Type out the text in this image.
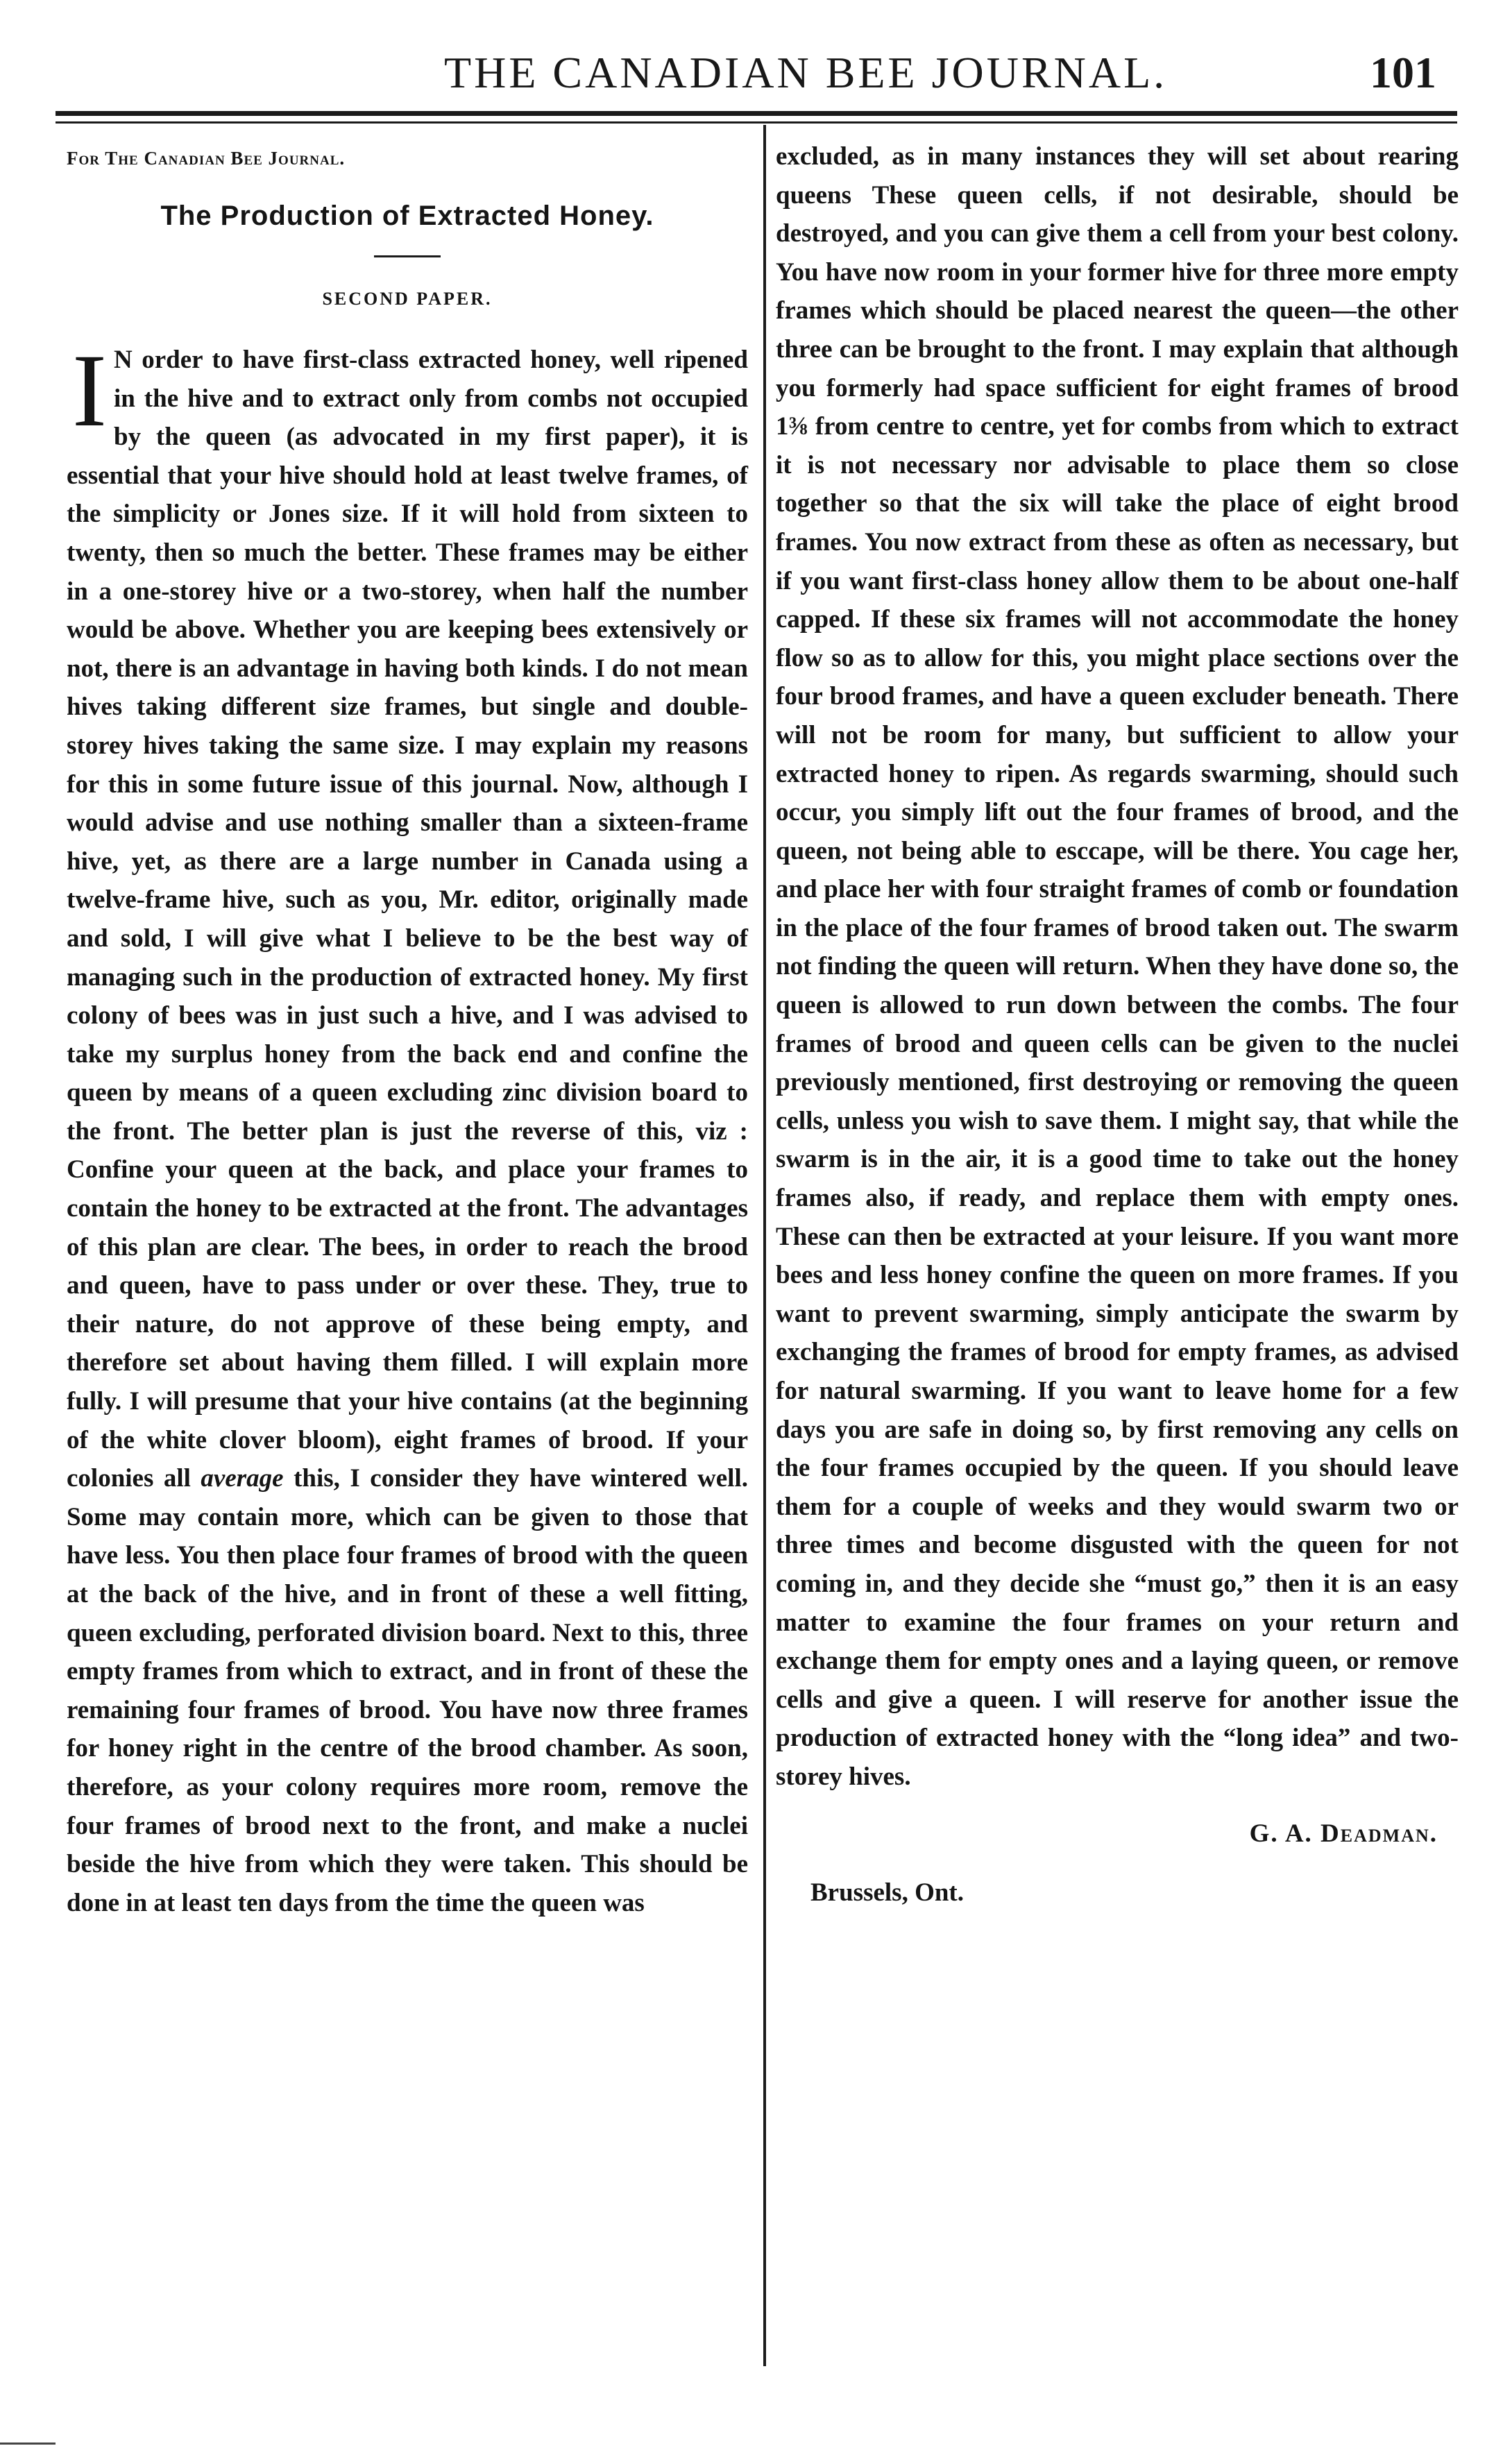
THE CANADIAN BEE JOURNAL.	101

For The Canadian Bee Journal.

The Production of Extracted Honey.

SECOND PAPER.

I N order to have first-class extracted honey, well ripened in the hive and to extract only from combs not occupied by the queen (as advocated in my first paper), it is essential that your hive should hold at least twelve frames, of the simplicity or Jones size. If it will hold from sixteen to twenty, then so much the better. These frames may be either in a one-storey hive or a two-storey, when half the number would be above. Whether you are keeping bees extensively or not, there is an advantage in having both kinds. I do not mean hives taking different size frames, but single and double-storey hives taking the same size. I may explain my reasons for this in some future issue of this journal. Now, although I would advise and use nothing smaller than a sixteen-frame hive, yet, as there are a large number in Canada using a twelve-frame hive, such as you, Mr. editor, originally made and sold, I will give what I believe to be the best way of managing such in the production of extracted honey. My first colony of bees was in just such a hive, and I was advised to take my surplus honey from the back end and confine the queen by means of a queen excluding zinc division board to the front. The better plan is just the reverse of this, viz : Confine your queen at the back, and place your frames to contain the honey to be extracted at the front. The advantages of this plan are clear. The bees, in order to reach the brood and queen, have to pass under or over these. They, true to their nature, do not approve of these being empty, and therefore set about having them filled. I will explain more fully. I will presume that your hive contains (at the beginning of the white clover bloom), eight frames of brood. If your colonies all average this, I consider they have wintered well. Some may contain more, which can be given to those that have less. You then place four frames of brood with the queen at the back of the hive, and in front of these a well fitting, queen excluding, perforated division board. Next to this, three empty frames from which to extract, and in front of these the remaining four frames of brood. You have now three frames for honey right in the centre of the brood chamber. As soon, therefore, as your colony requires more room, remove the four frames of brood next to the front, and make a nuclei beside the hive from which they were taken. This should be done in at least ten days from the time the queen was

excluded, as in many instances they will set about rearing queens These queen cells, if not desirable, should be destroyed, and you can give them a cell from your best colony. You have now room in your former hive for three more empty frames which should be placed nearest the queen—the other three can be brought to the front. I may explain that although you formerly had space sufficient for eight frames of brood 1⅜ from centre to centre, yet for combs from which to extract it is not necessary nor advisable to place them so close together so that the six will take the place of eight brood frames. You now extract from these as often as necessary, but if you want first-class honey allow them to be about one-half capped. If these six frames will not accommodate the honey flow so as to allow for this, you might place sections over the four brood frames, and have a queen excluder beneath. There will not be room for many, but sufficient to allow your extracted honey to ripen. As regards swarming, should such occur, you simply lift out the four frames of brood, and the queen, not being able to esccape, will be there. You cage her, and place her with four straight frames of comb or foundation in the place of the four frames of brood taken out. The swarm not finding the queen will return. When they have done so, the queen is allowed to run down between the combs. The four frames of brood and queen cells can be given to the nuclei previously mentioned, first destroying or removing the queen cells, unless you wish to save them. I might say, that while the swarm is in the air, it is a good time to take out the honey frames also, if ready, and replace them with empty ones. These can then be extracted at your leisure. If you want more bees and less honey confine the queen on more frames. If you want to prevent swarming, simply anticipate the swarm by exchanging the frames of brood for empty frames, as advised for natural swarming. If you want to leave home for a few days you are safe in doing so, by first removing any cells on the four frames occupied by the queen. If you should leave them for a couple of weeks and they would swarm two or three times and become disgusted with the queen for not coming in, and they decide she “must go,” then it is an easy matter to examine the four frames on your return and exchange them for empty ones and a laying queen, or remove cells and give a queen. I will reserve for another issue the production of extracted honey with the “long idea” and two-storey hives.

G. A. Deadman.

Brussels, Ont.
